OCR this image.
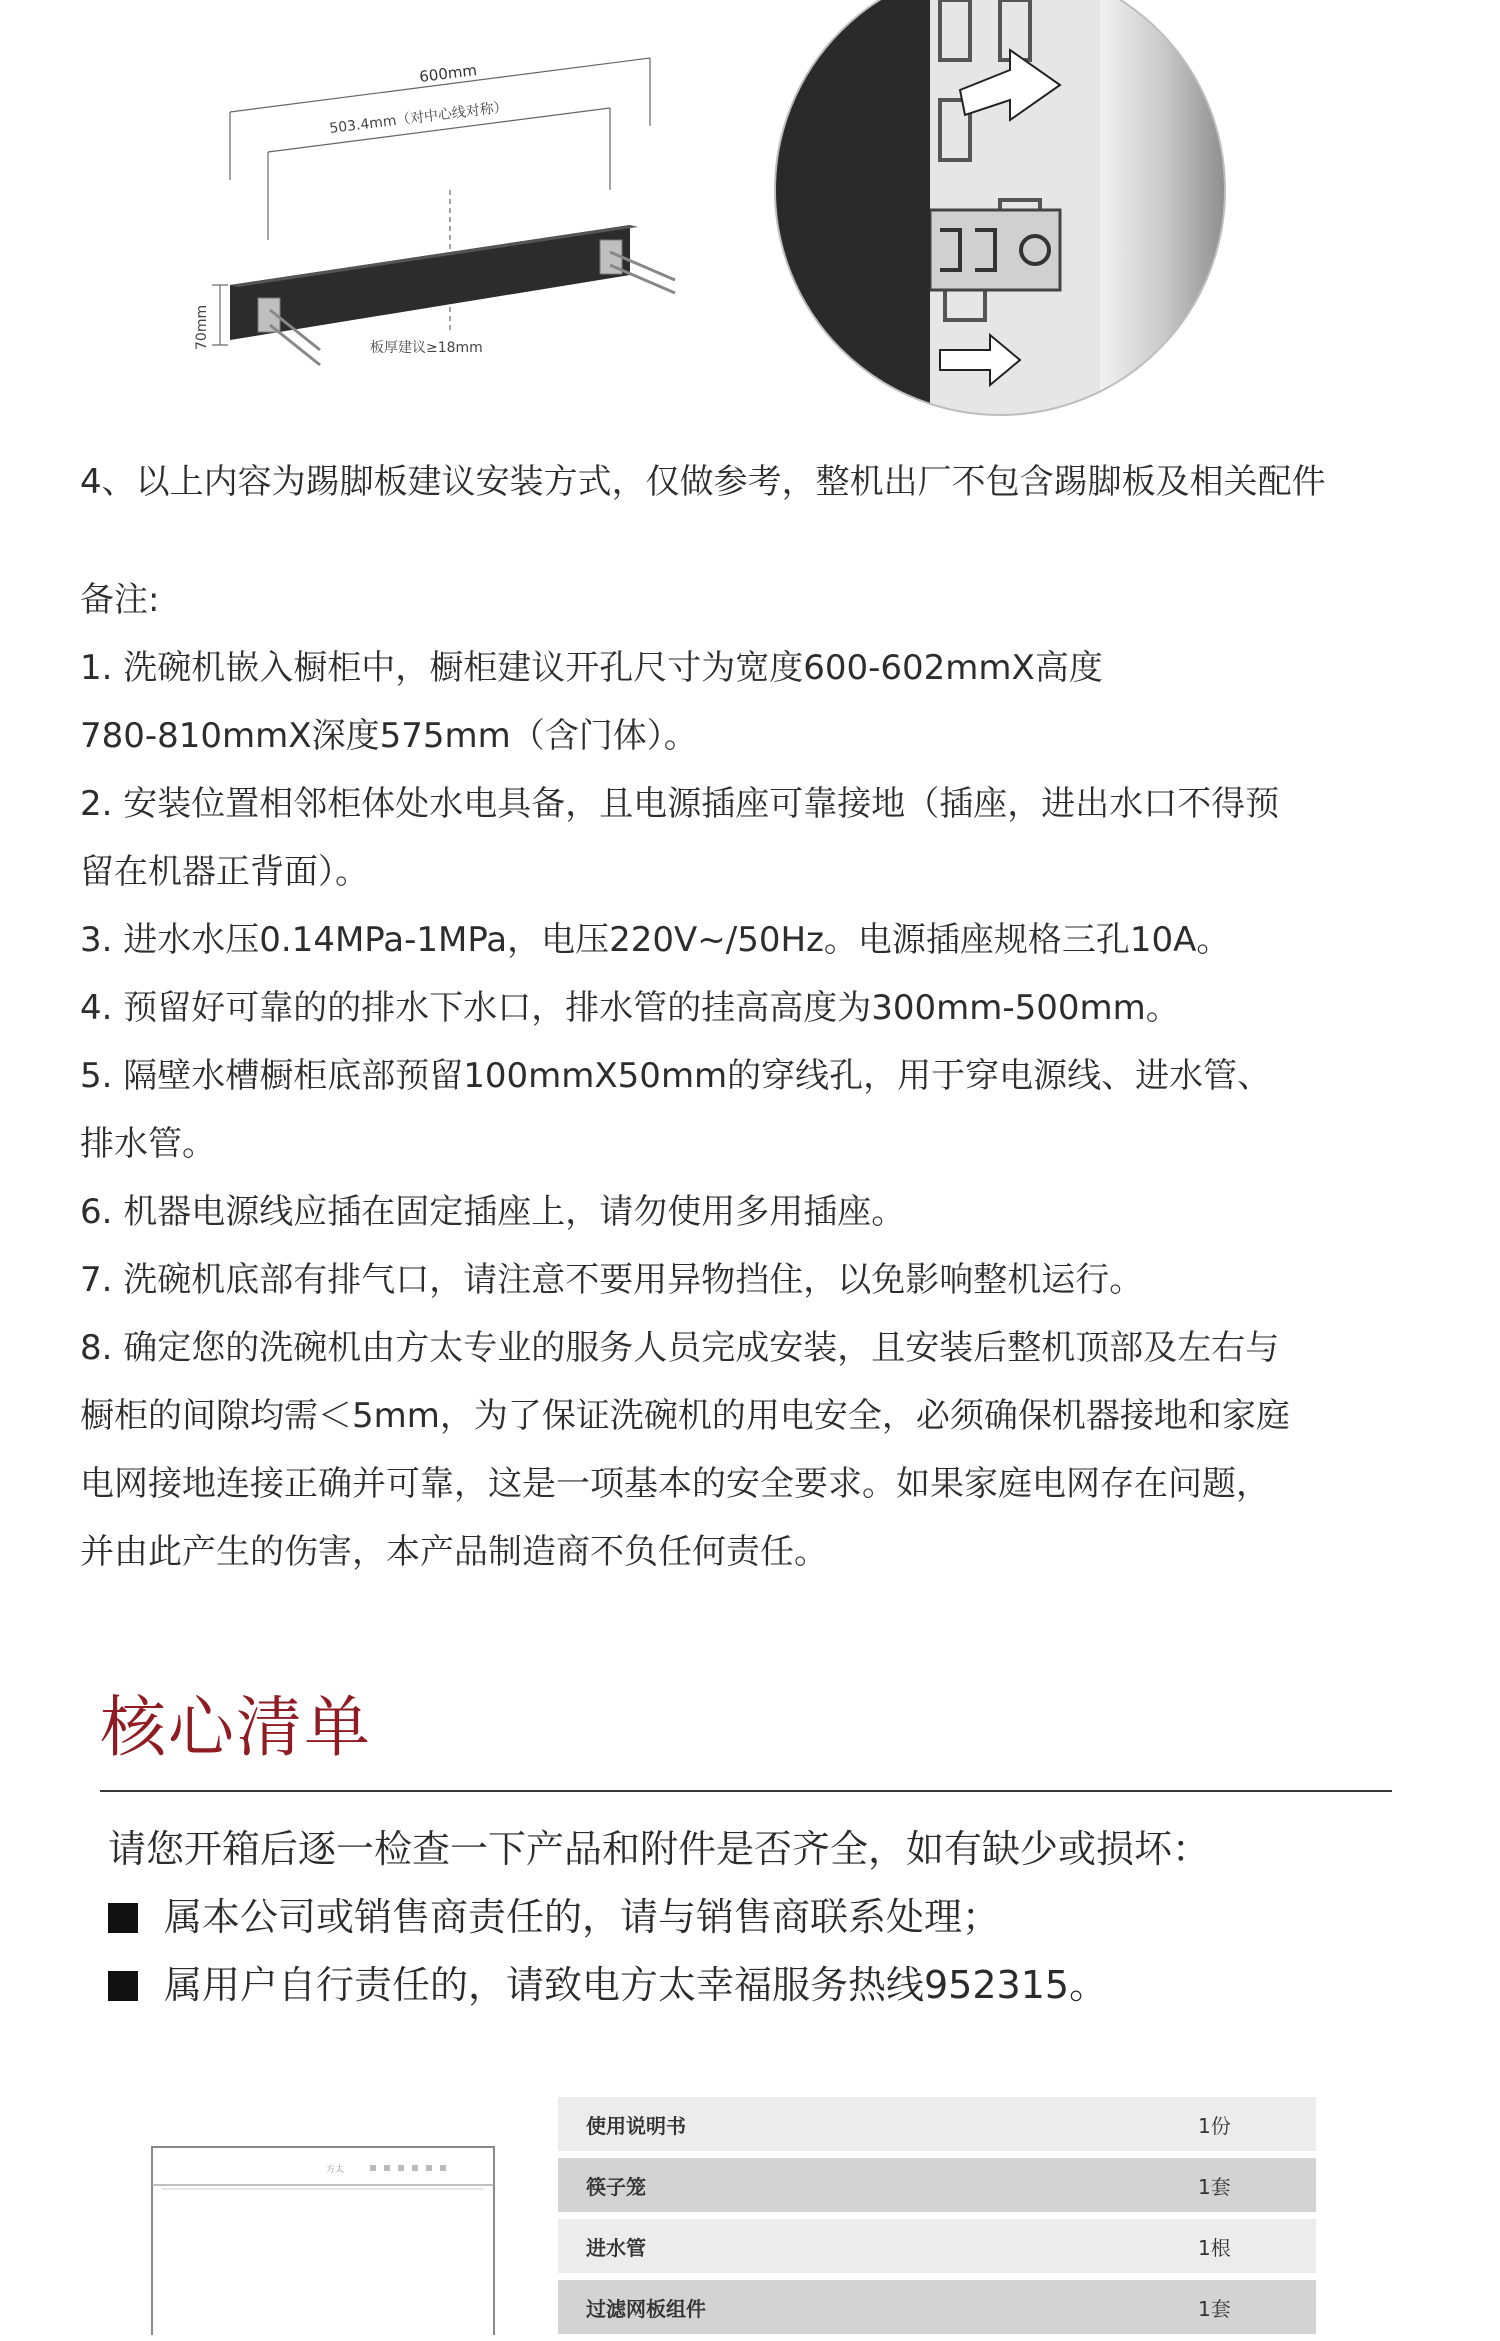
600mm
503.4mm（对中心线对称）
70mm	板厚建议≥18mm
4、以上内容为踢脚板建议安装方式，仅做参考，整机出厂不包含踢脚板及相关配件
备注:
1. 洗碗机嵌入橱柜中，橱柜建议开孔尺寸为宽度600-602mmX高度
780-810mmX深度575mm（含门体）。
2. 安装位置相邻柜体处水电具备，且电源插座可靠接地（插座，进出水口不得预
留在机器正背面）。
3. 进水水压0.14MPa-1MPa，电压220V~/50Hz。电源插座规格三孔10A。
4. 预留好可靠的的排水下水口，排水管的挂高高度为300mm-500mm。
5. 隔壁水槽橱柜底部预留100mmX50mm的穿线孔，用于穿电源线、进水管、
排水管。
6. 机器电源线应插在固定插座上，请勿使用多用插座。
7. 洗碗机底部有排气口，请注意不要用异物挡住，以免影响整机运行。
8. 确定您的洗碗机由方太专业的服务人员完成安装，且安装后整机顶部及左右与
橱柜的间隙均需＜5mm，为了保证洗碗机的用电安全，必须确保机器接地和家庭
电网接地连接正确并可靠，这是一项基本的安全要求。如果家庭电网存在问题，
并由此产生的伤害，本产品制造商不负任何责任。
核心清单
请您开箱后逐一检查一下产品和附件是否齐全，如有缺少或损坏：
属本公司或销售商责任的，请与销售商联系处理；
属用户自行责任的，请致电方太幸福服务热线952315。
方太
使用说明书	1份
筷子笼	1套
进水管	1根
过滤网板组件	1套
